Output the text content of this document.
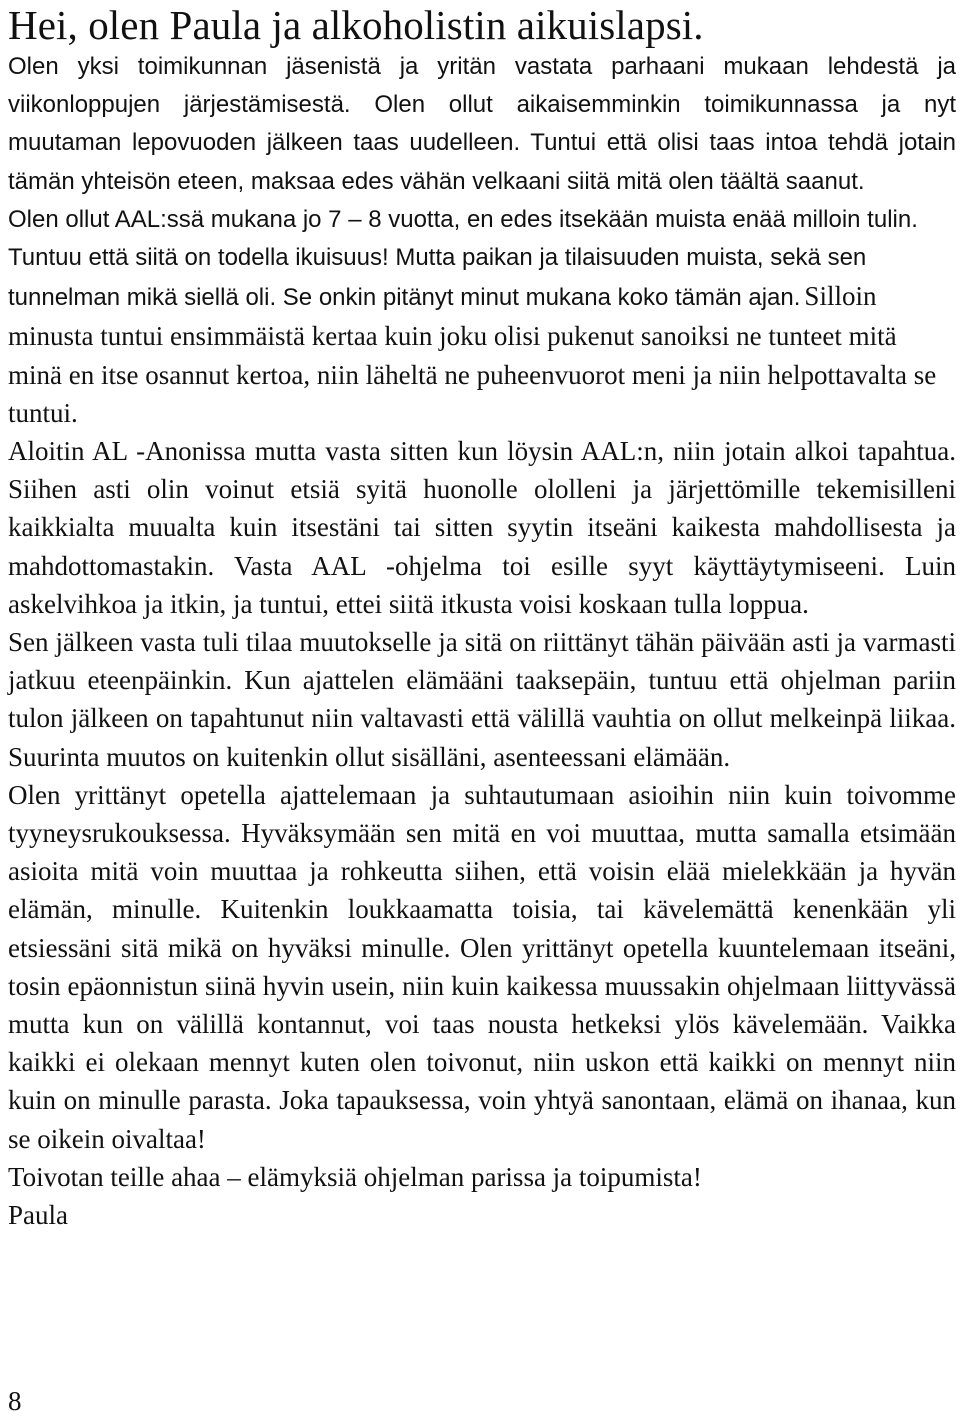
Hei, olen Paula ja alkoholistin aikuislapsi.

Olen yksi toimikunnan jäsenistä ja yritän vastata parhaani mukaan lehdestä ja viikonloppujen järjestämisestä. Olen ollut aikaisemminkin toimikunnassa ja nyt muutaman lepovuoden jälkeen taas uudelleen. Tuntui että olisi taas intoa tehdä jotain tämän yhteisön eteen, maksaa edes vähän velkaani siitä mitä olen täältä saanut.

Olen ollut AAL:ssä mukana jo 7 – 8 vuotta, en edes itsekään muista enää milloin tulin. Tuntuu että siitä on todella ikuisuus! Mutta paikan ja tilaisuuden muista, sekä sen tunnelman mikä siellä oli. Se onkin pitänyt minut mukana koko tämän ajan.

Silloin minusta tuntui ensimmäistä kertaa kuin joku olisi pukenut sanoiksi ne tunteet mitä minä en itse osannut kertoa, niin läheltä ne puheenvuorot meni ja niin helpottavalta se tuntui.

Aloitin AL -Anonissa mutta vasta sitten kun löysin AAL:n, niin jotain alkoi tapahtua. Siihen asti olin voinut etsiä syitä huonolle ololleni ja järjettömille tekemisilleni kaikkialta muualta kuin itsestäni tai sitten syytin itseäni kaikesta mahdollisesta ja mahdottomastakin. Vasta AAL -ohjelma toi esille syyt käyttäytymiseeni. Luin askelvihkoa ja itkin, ja tuntui, ettei siitä itkusta voisi koskaan tulla loppua.

Sen jälkeen vasta tuli tilaa muutokselle ja sitä on riittänyt tähän päivään asti ja varmasti jatkuu eteenpäinkin. Kun ajattelen elämääni taaksepäin, tuntuu että ohjelman pariin tulon jälkeen on tapahtunut niin valtavasti että välillä vauhtia on ollut melkeinpä liikaa. Suurinta muutos on kuitenkin ollut sisälläni, asenteessani elämään.

Olen yrittänyt opetella ajattelemaan ja suhtautumaan asioihin niin kuin toivomme tyyneysrukouksessa. Hyväksymään sen mitä en voi muuttaa, mutta samalla etsimään asioita mitä voin muuttaa ja rohkeutta siihen, että voisin elää mielekkään ja hyvän elämän, minulle. Kuitenkin loukkaamatta toisia, tai kävelemättä kenenkään yli etsiessäni sitä mikä on hyväksi minulle. Olen yrittänyt opetella kuuntelemaan itseäni, tosin epäonnistun siinä hyvin usein, niin kuin kaikessa muussakin ohjelmaan liittyvässä mutta kun on välillä kontannut, voi taas nousta hetkeksi ylös kävelemään. Vaikka kaikki ei olekaan mennyt kuten olen toivonut, niin uskon että kaikki on mennyt niin kuin on minulle parasta. Joka tapauksessa, voin yhtyä sanontaan, elämä on ihanaa, kun se oikein oivaltaa!

Toivotan teille ahaa – elämyksiä ohjelman parissa ja toipumista!

Paula

8
